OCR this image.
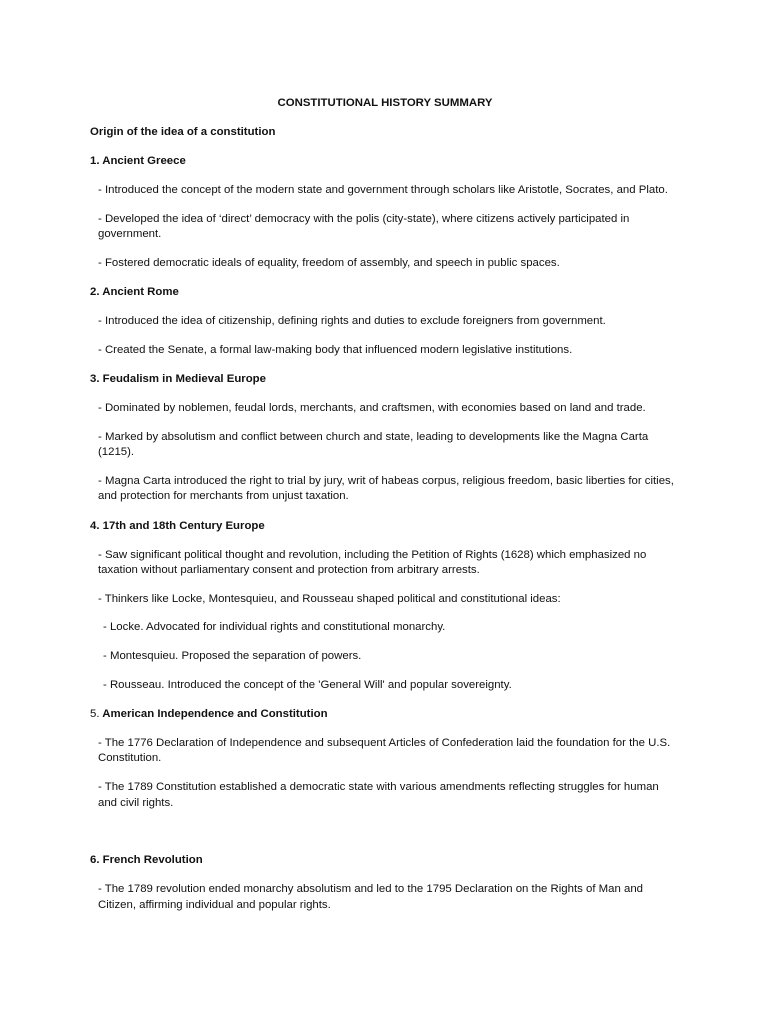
CONSTITUTIONAL HISTORY SUMMARY

Origin of the idea of a constitution

1. Ancient Greece

- Introduced the concept of the modern state and government through scholars like Aristotle, Socrates, and Plato.

- Developed the idea of ‘direct’ democracy with the polis (city-state), where citizens actively participated in government.

- Fostered democratic ideals of equality, freedom of assembly, and speech in public spaces.

2. Ancient Rome

- Introduced the idea of citizenship, defining rights and duties to exclude foreigners from government.

- Created the Senate, a formal law-making body that influenced modern legislative institutions.

3. Feudalism in Medieval Europe

- Dominated by noblemen, feudal lords, merchants, and craftsmen, with economies based on land and trade.

- Marked by absolutism and conflict between church and state, leading to developments like the Magna Carta (1215).

- Magna Carta introduced the right to trial by jury, writ of habeas corpus, religious freedom, basic liberties for cities, and protection for merchants from unjust taxation.

4. 17th and 18th Century Europe

- Saw significant political thought and revolution, including the Petition of Rights (1628) which emphasized no taxation without parliamentary consent and protection from arbitrary arrests.

- Thinkers like Locke, Montesquieu, and Rousseau shaped political and constitutional ideas:

- Locke. Advocated for individual rights and constitutional monarchy.

- Montesquieu. Proposed the separation of powers.

- Rousseau. Introduced the concept of the 'General Will' and popular sovereignty.

5. American Independence and Constitution

- The 1776 Declaration of Independence and subsequent Articles of Confederation laid the foundation for the U.S. Constitution.

- The 1789 Constitution established a democratic state with various amendments reflecting struggles for human and civil rights.

6. French Revolution

- The 1789 revolution ended monarchy absolutism and led to the 1795 Declaration on the Rights of Man and Citizen, affirming individual and popular rights.
